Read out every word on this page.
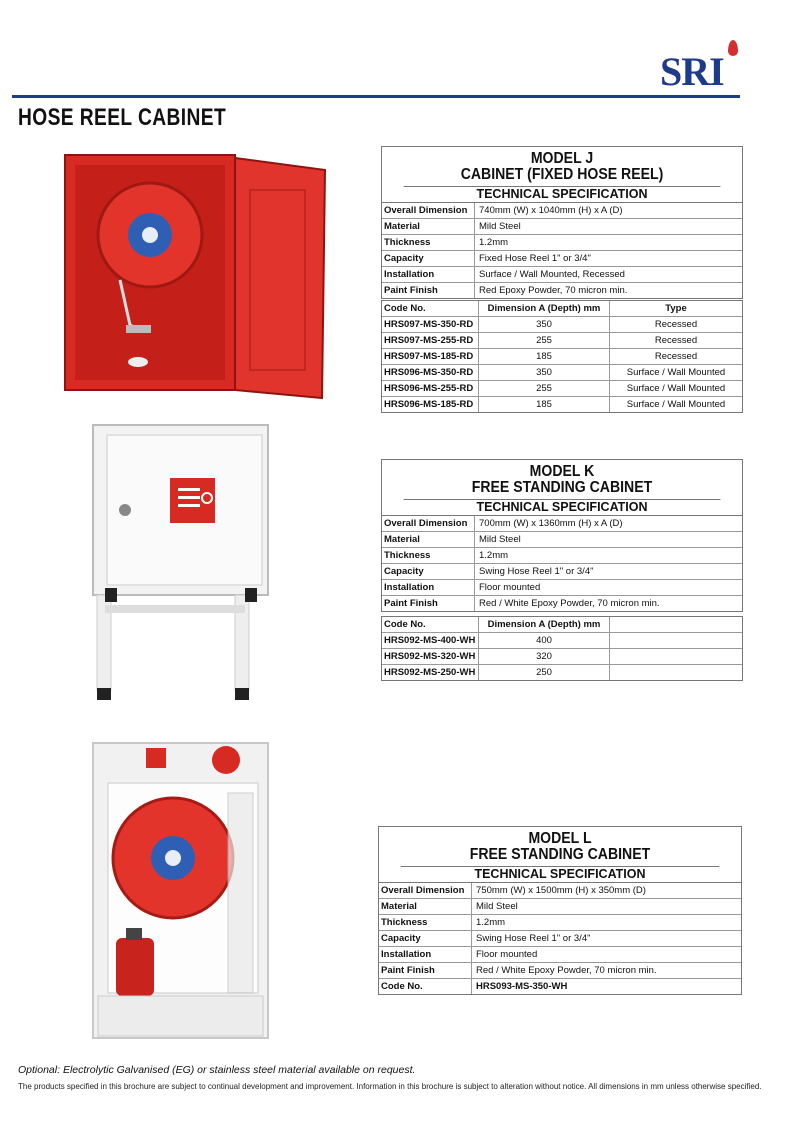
SRI
HOSE REEL CABINET
MODEL J
CABINET (FIXED HOSE REEL)
TECHNICAL SPECIFICATION
Overall Dimension	740mm (W) x 1040mm (H) x A (D)
Material	Mild Steel
Thickness	1.2mm
Capacity	Fixed Hose Reel 1" or 3/4"
Installation	Surface / Wall Mounted, Recessed
Paint Finish	Red Epoxy Powder, 70 micron min.
Code No.	Dimension A (Depth) mm	Type
HRS097-MS-350-RD	350	Recessed
HRS097-MS-255-RD	255	Recessed
HRS097-MS-185-RD	185	Recessed
HRS096-MS-350-RD	350	Surface / Wall Mounted
HRS096-MS-255-RD	255	Surface / Wall Mounted
HRS096-MS-185-RD	185	Surface / Wall Mounted
MODEL K
FREE STANDING CABINET
TECHNICAL SPECIFICATION
Overall Dimension	700mm (W) x 1360mm (H) x A (D)
Material	Mild Steel
Thickness	1.2mm
Capacity	Swing Hose Reel 1" or 3/4"
Installation	Floor mounted
Paint Finish	Red / White Epoxy Powder, 70 micron min.
Code No.	Dimension A (Depth) mm
HRS092-MS-400-WH	400
HRS092-MS-320-WH	320
HRS092-MS-250-WH	250
MODEL L
FREE STANDING CABINET
TECHNICAL SPECIFICATION
Overall Dimension	750mm (W) x 1500mm (H) x 350mm (D)
Material	Mild Steel
Thickness	1.2mm
Capacity	Swing Hose Reel 1" or 3/4"
Installation	Floor mounted
Paint Finish	Red / White Epoxy Powder, 70 micron min.
Code No.	HRS093-MS-350-WH
Optional: Electrolytic Galvanised (EG) or stainless steel material available on request.
The products specified in this brochure are subject to continual development and improvement. Information in this brochure is subject to alteration without notice. All dimensions in mm unless otherwise specified.
